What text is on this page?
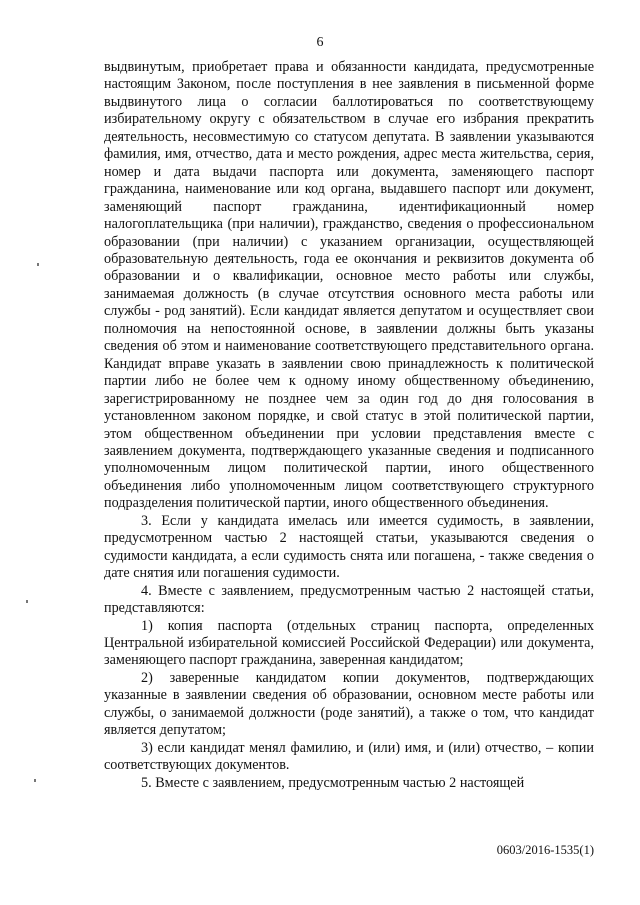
6

выдвинутым, приобретает права и обязанности кандидата, предусмотренные настоящим Законом, после поступления в нее заявления в письменной форме выдвинутого лица о согласии баллотироваться по соответствующему избирательному округу с обязательством в случае его избрания прекратить деятельность, несовместимую со статусом депутата. В заявлении указываются фамилия, имя, отчество, дата и место рождения, адрес места жительства, серия, номер и дата выдачи паспорта или документа, заменяющего паспорт гражданина, наименование или код органа, выдавшего паспорт или документ, заменяющий паспорт гражданина, идентификационный номер налогоплательщика (при наличии), гражданство, сведения о профессиональном образовании (при наличии) с указанием организации, осуществляющей образовательную деятельность, года ее окончания и реквизитов документа об образовании и о квалификации, основное место работы или службы, занимаемая должность (в случае отсутствия основного места работы или службы - род занятий). Если кандидат является депутатом и осуществляет свои полномочия на непостоянной основе, в заявлении должны быть указаны сведения об этом и наименование соответствующего представительного органа. Кандидат вправе указать в заявлении свою принадлежность к политической партии либо не более чем к одному иному общественному объединению, зарегистрированному не позднее чем за один год до дня голосования в установленном законом порядке, и свой статус в этой политической партии, этом общественном объединении при условии представления вместе с заявлением документа, подтверждающего указанные сведения и подписанного уполномоченным лицом политической партии, иного общественного объединения либо уполномоченным лицом соответствующего структурного подразделения политической партии, иного общественного объединения.

3. Если у кандидата имелась или имеется судимость, в заявлении, предусмотренном частью 2 настоящей статьи, указываются сведения о судимости кандидата, а если судимость снята или погашена, - также сведения о дате снятия или погашения судимости.

4. Вместе с заявлением, предусмотренным частью 2 настоящей статьи, представляются:

1) копия паспорта (отдельных страниц паспорта, определенных Центральной избирательной комиссией Российской Федерации) или документа, заменяющего паспорт гражданина, заверенная кандидатом;

2) заверенные кандидатом копии документов, подтверждающих указанные в заявлении сведения об образовании, основном месте работы или службы, о занимаемой должности (роде занятий), а также о том, что кандидат является депутатом;

3) если кандидат менял фамилию, и (или) имя, и (или) отчество, – копии соответствующих документов.

5. Вместе с заявлением, предусмотренным частью 2 настоящей

0603/2016-1535(1)
